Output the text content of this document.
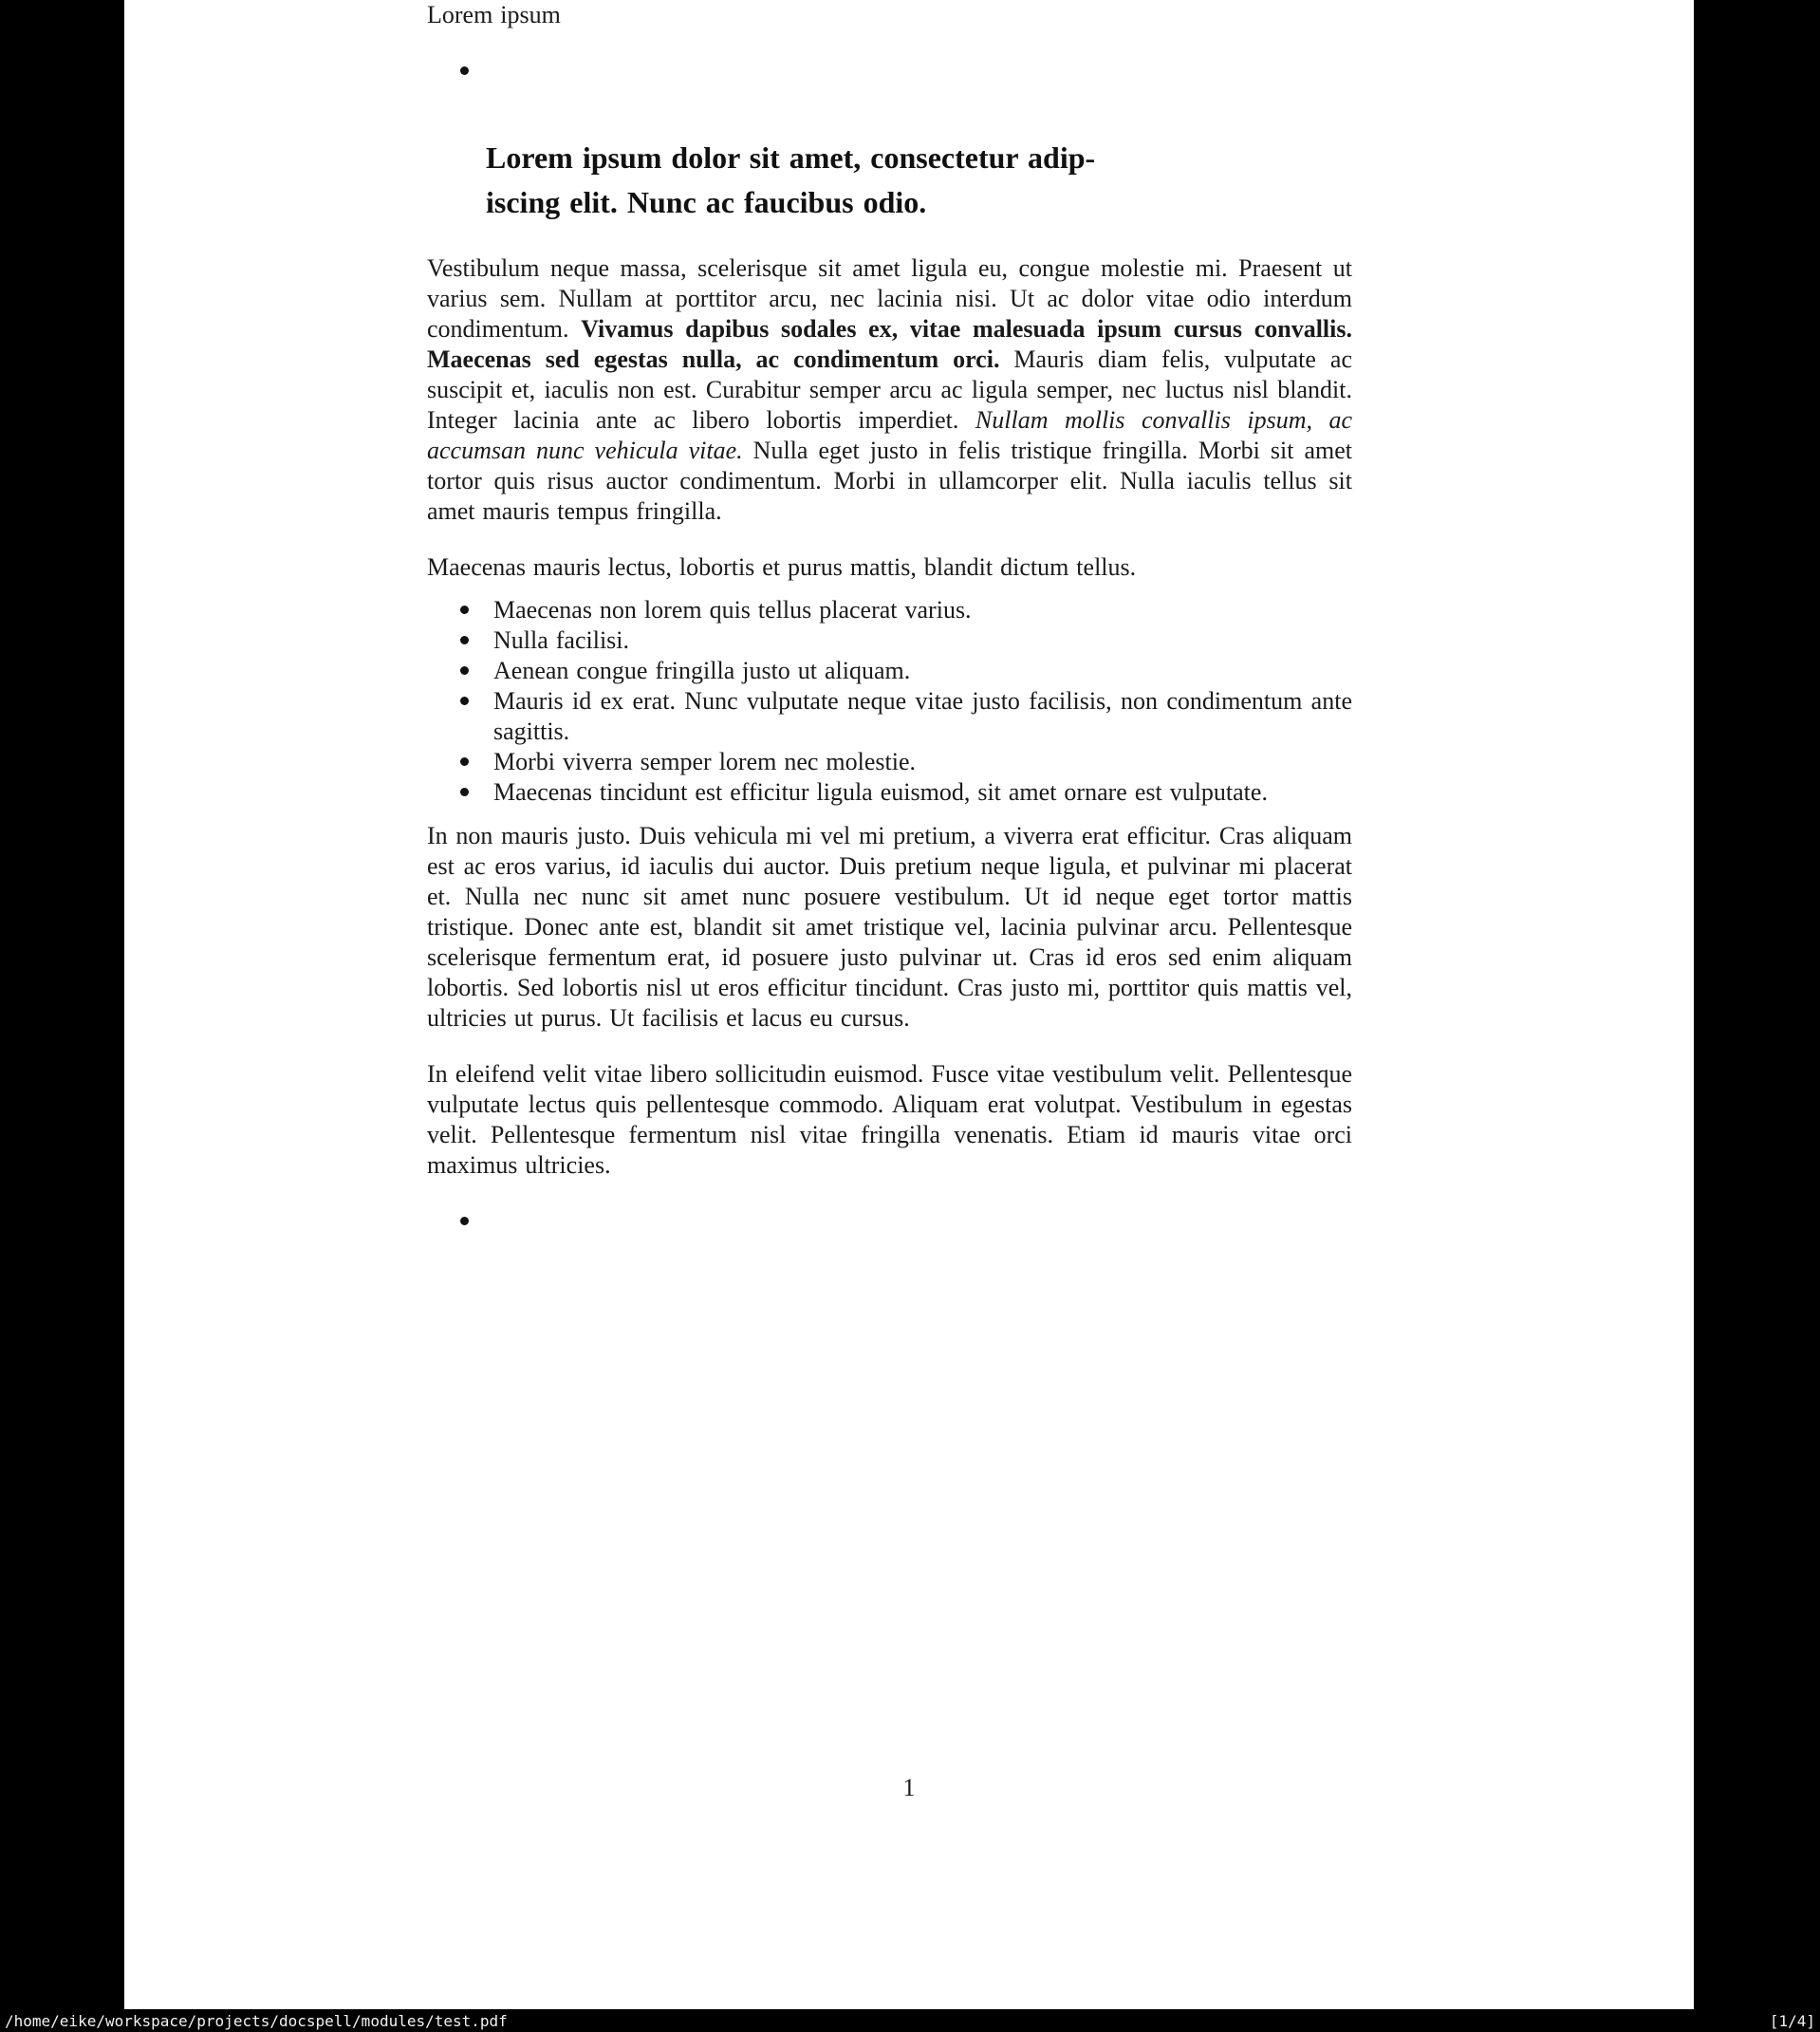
Lorem ipsum

Lorem ipsum dolor sit amet, consectetur adip-
iscing elit. Nunc ac faucibus odio.

Vestibulum neque massa, scelerisque sit amet ligula eu, congue molestie mi. Praesent ut varius sem. Nullam at porttitor arcu, nec lacinia nisi. Ut ac dolor vitae odio interdum condimentum. Vivamus dapibus sodales ex, vitae malesuada ipsum cursus convallis. Maecenas sed egestas nulla, ac condimentum orci. Mauris diam felis, vulputate ac suscipit et, iaculis non est. Curabitur semper arcu ac ligula semper, nec luctus nisl blandit. Integer lacinia ante ac libero lobortis imperdiet. Nullam mollis convallis ipsum, ac accumsan nunc vehicula vitae. Nulla eget justo in felis tristique fringilla. Morbi sit amet tortor quis risus auctor condimentum. Morbi in ullamcorper elit. Nulla iaculis tellus sit amet mauris tempus fringilla.

Maecenas mauris lectus, lobortis et purus mattis, blandit dictum tellus.

Maecenas non lorem quis tellus placerat varius.
Nulla facilisi.
Aenean congue fringilla justo ut aliquam.
Mauris id ex erat. Nunc vulputate neque vitae justo facilisis, non condimentum ante sagittis.
Morbi viverra semper lorem nec molestie.
Maecenas tincidunt est efficitur ligula euismod, sit amet ornare est vulputate.

In non mauris justo. Duis vehicula mi vel mi pretium, a viverra erat efficitur. Cras aliquam est ac eros varius, id iaculis dui auctor. Duis pretium neque ligula, et pulvinar mi placerat et. Nulla nec nunc sit amet nunc posuere vestibulum. Ut id neque eget tortor mattis tristique. Donec ante est, blandit sit amet tristique vel, lacinia pulvinar arcu. Pellentesque scelerisque fermentum erat, id posuere justo pulvinar ut. Cras id eros sed enim aliquam lobortis. Sed lobortis nisl ut eros efficitur tincidunt. Cras justo mi, porttitor quis mattis vel, ultricies ut purus. Ut facilisis et lacus eu cursus.

In eleifend velit vitae libero sollicitudin euismod. Fusce vitae vestibulum velit. Pellentesque vulputate lectus quis pellentesque commodo. Aliquam erat volutpat. Vestibulum in egestas velit. Pellentesque fermentum nisl vitae fringilla venenatis. Etiam id mauris vitae orci maximus ultricies.

1
/home/eike/workspace/projects/docspell/modules/test.pdf	[1/4]
